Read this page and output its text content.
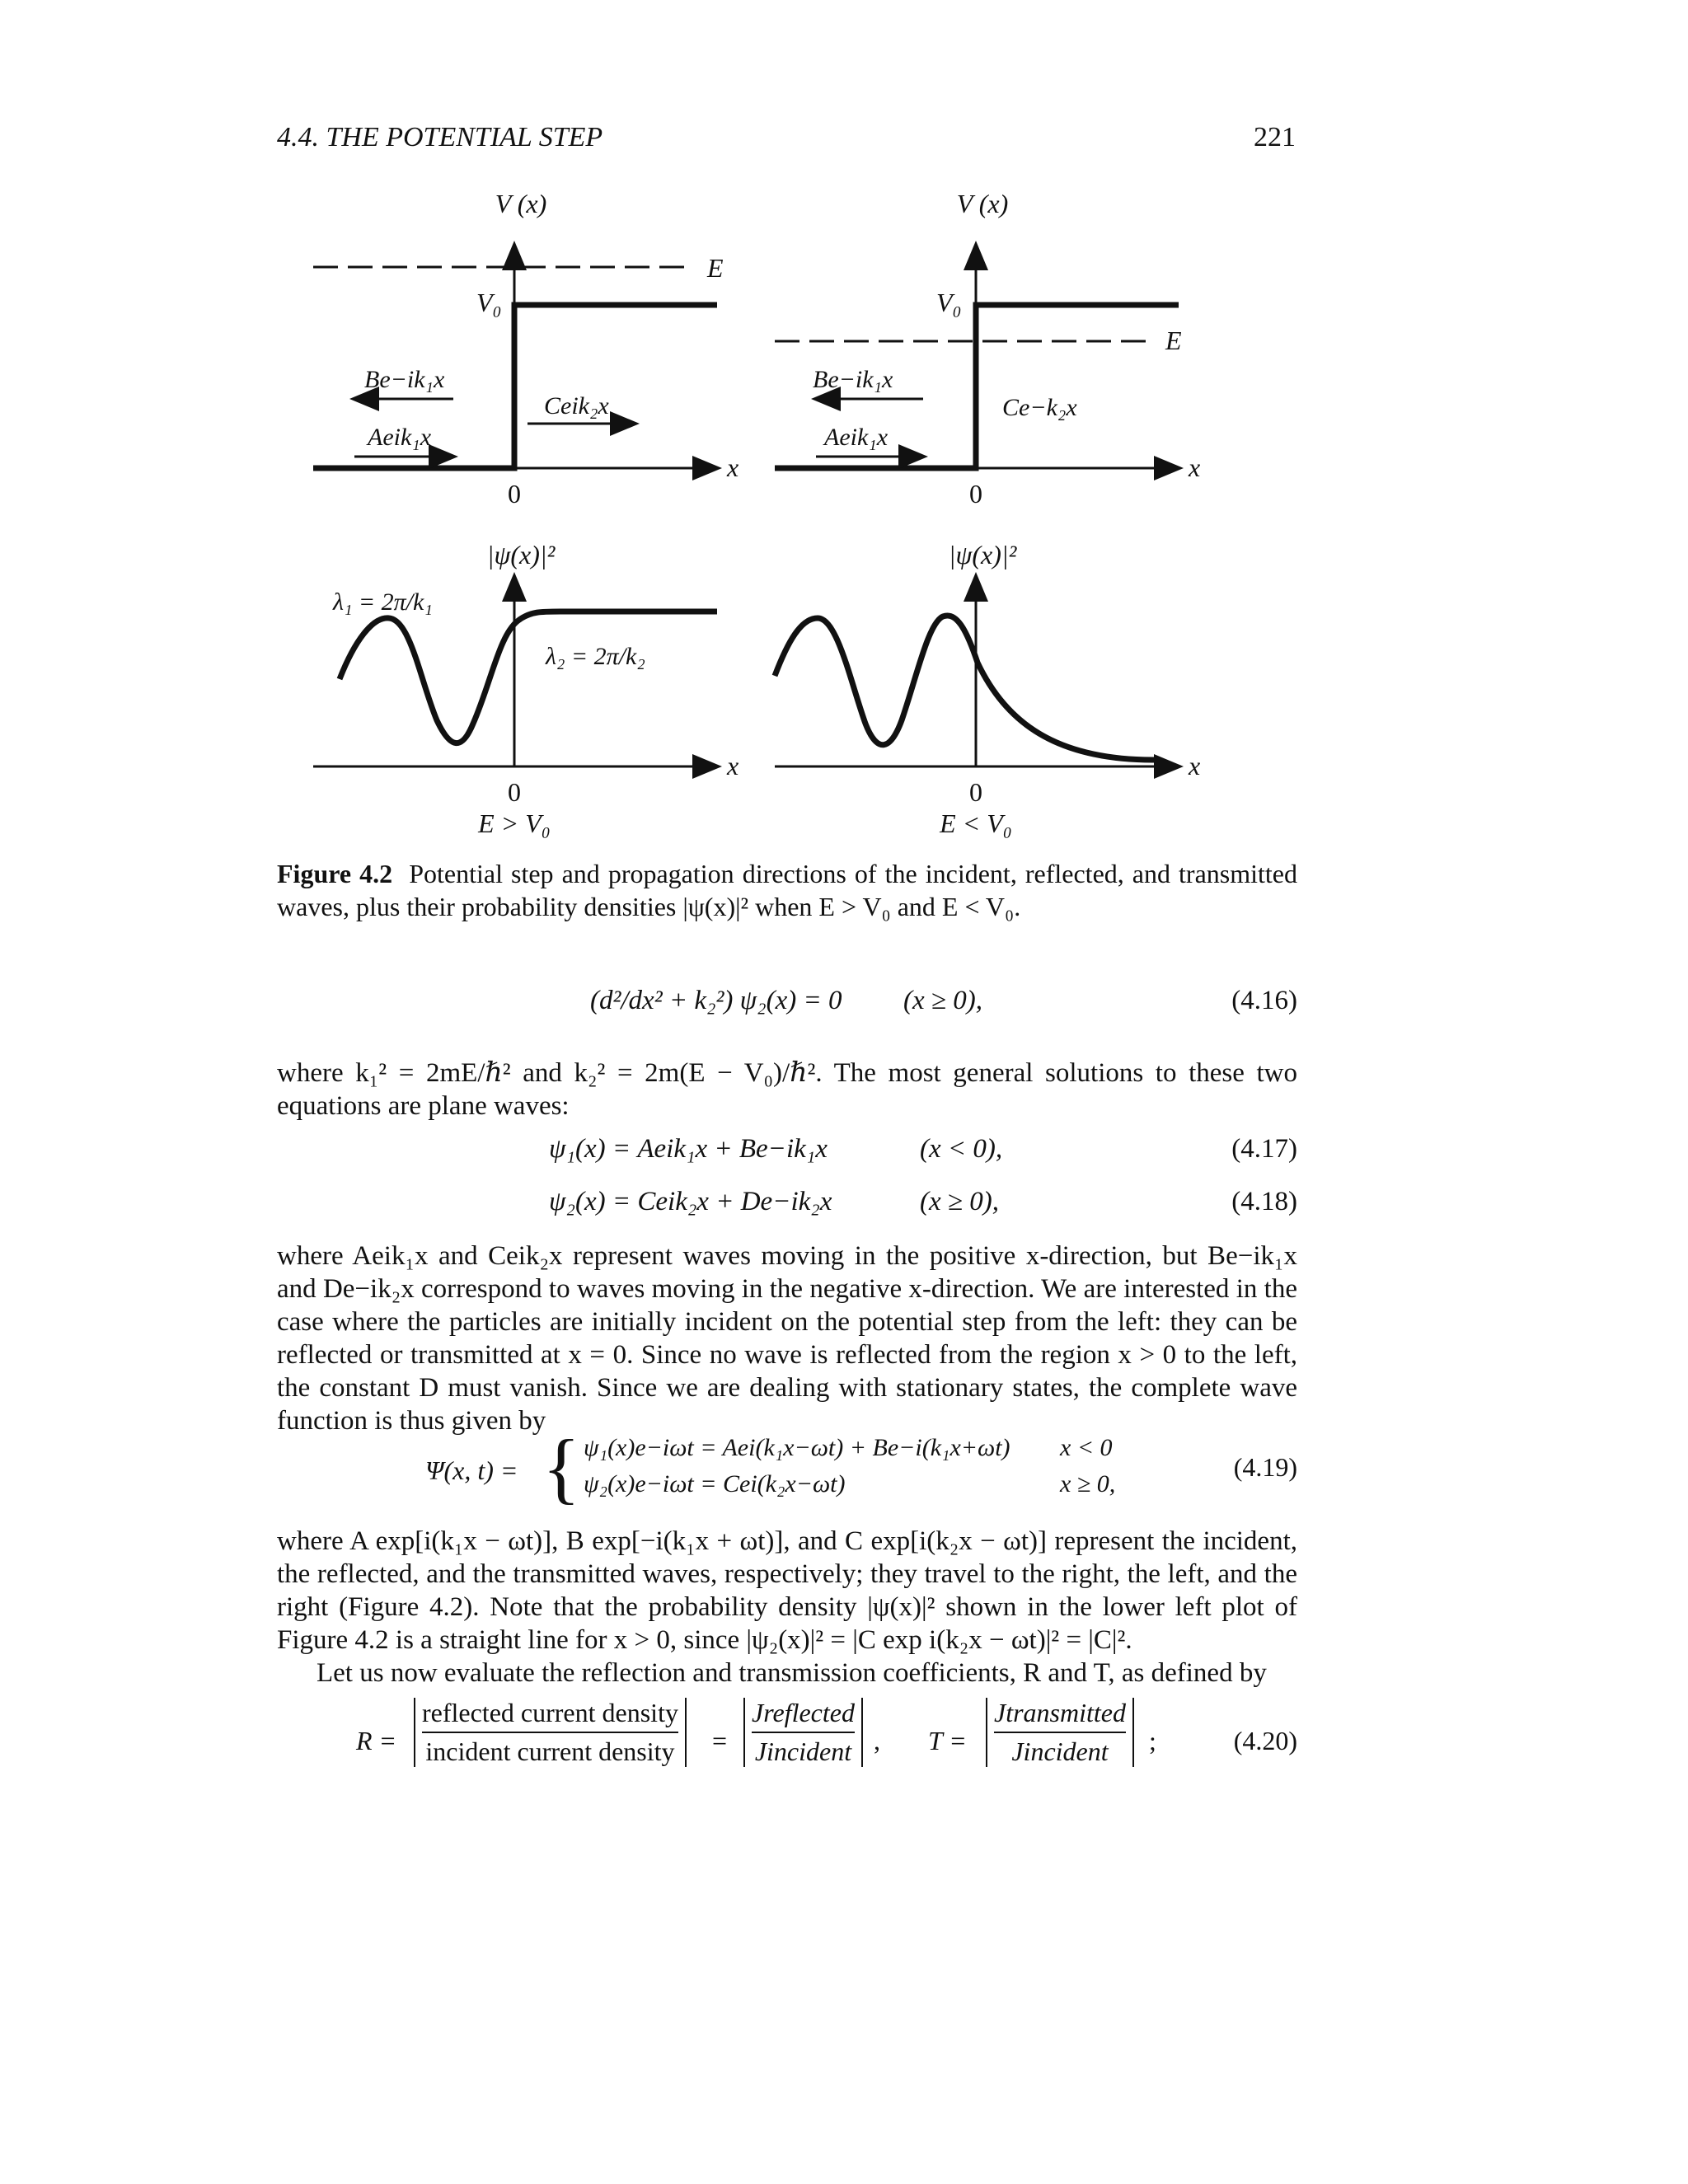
4.4. THE POTENTIAL STEP	221
V (x)
E
V₀
x
0
Be−ik₁x
Aeik₁x
Ceik₂x
V (x)
E
V₀
x
0
Be−ik₁x
Aeik₁x
Ce−k₂x
|ψ(x)|²
λ₁ = 2π/k₁
λ₂ = 2π/k₂
x
0
E > V₀
|ψ(x)|²
x
0
E < V₀
Figure 4.2 Potential step and propagation directions of the incident, reflected, and transmitted waves, plus their probability densities |ψ(x)|² when E > V₀ and E < V₀.
(d²/dx² + k₂²) ψ₂(x) = 0 (x ≥ 0),	(4.16)
where k₁² = 2mE/ℏ² and k₂² = 2m(E − V₀)/ℏ². The most general solutions to these two equations are plane waves:
ψ₁(x) = Aeik₁x + Be−ik₁x	(x < 0),	(4.17)
ψ₂(x) = Ceik₂x + De−ik₂x	(x ≥ 0),	(4.18)
where Aeik₁x and Ceik₂x represent waves moving in the positive x-direction, but Be−ik₁x and De−ik₂x correspond to waves moving in the negative x-direction. We are interested in the case where the particles are initially incident on the potential step from the left: they can be reflected or transmitted at x = 0. Since no wave is reflected from the region x > 0 to the left, the constant D must vanish. Since we are dealing with stationary states, the complete wave function is thus given by
Ψ(x, t) = { ψ₁(x)e−iωt = Aei(k₁x−ωt) + Be−i(k₁x+ωt) x < 0
ψ₂(x)e−iωt = Cei(k₂x−ωt)	x ≥ 0,
(4.19)
where A exp[i(k₁x − ωt)], B exp[−i(k₁x + ωt)], and C exp[i(k₂x − ωt)] represent the incident, the reflected, and the transmitted waves, respectively; they travel to the right, the left, and the right (Figure 4.2). Note that the probability density |ψ(x)|² shown in the lower left plot of Figure 4.2 is a straight line for x > 0, since |ψ₂(x)|² = |C exp i(k₂x − ωt)|² = |C|².
Let us now evaluate the reflection and transmission coefficients, R and T, as defined by
R =
reflected current density
incident current density =
Jreflected
Jincident , T =
Jtransmitted
Jincident	;	(4.20)
